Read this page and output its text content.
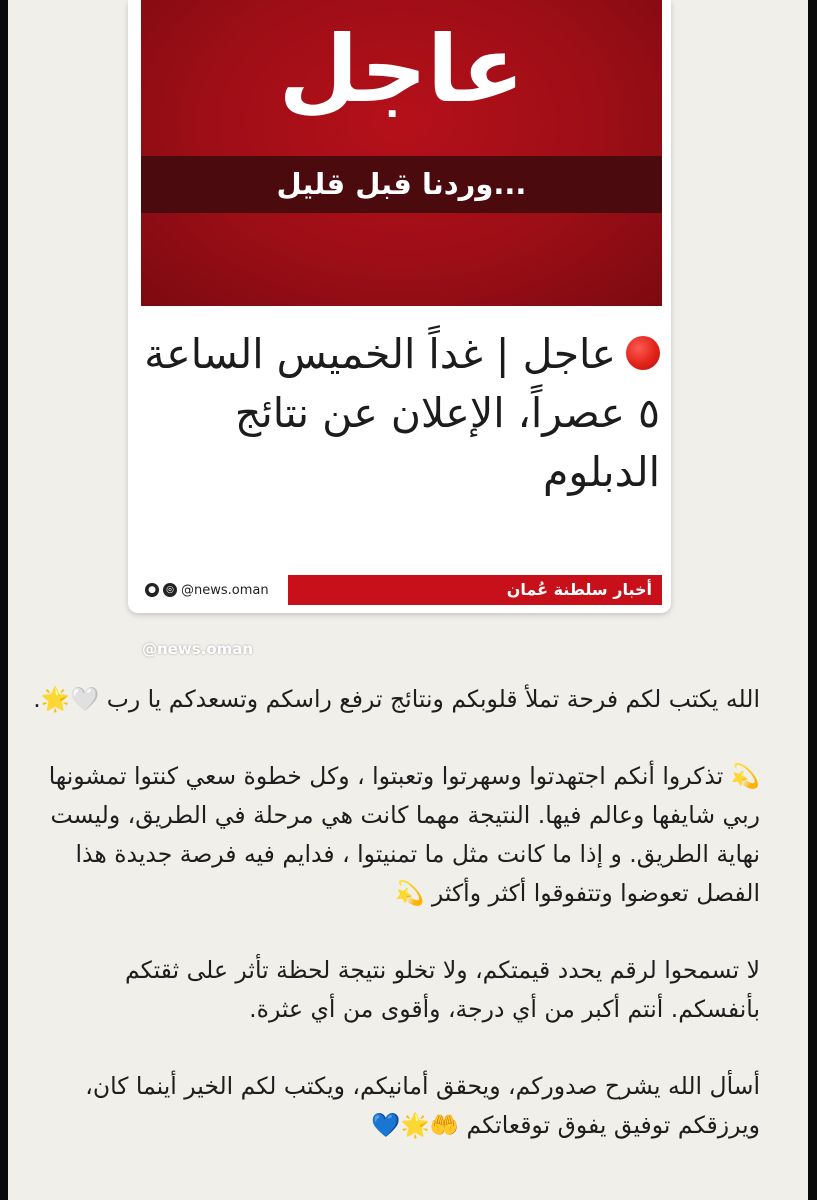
عاجل
وردنا قبل قليل...
عاجل | غداً الخميس الساعة ٥ عصراً، الإعلان عن نتائج الدبلوم
●	◎ @news.oman	أخبار سلطنة عُمان
@news.oman

الله يكتب لكم فرحة تملأ قلوبكم ونتائج ترفع راسكم وتسعدكم يا رب 🤍🌟.

💫 تذكروا أنكم اجتهدتوا وسهرتوا وتعبتوا ، وكل خطوة سعي كنتوا تمشونها ربي شايفها وعالم فيها. النتيجة مهما كانت هي مرحلة في الطريق، وليست نهاية الطريق. و إذا ما كانت مثل ما تمنيتوا ، فدايم فيه فرصة جديدة هذا الفصل تعوضوا وتتفوقوا أكثر وأكثر 💫

لا تسمحوا لرقم يحدد قيمتكم، ولا تخلو نتيجة لحظة تأثر على ثقتكم بأنفسكم. أنتم أكبر من أي درجة، وأقوى من أي عثرة.

أسأل الله يشرح صدوركم، ويحقق أمانيكم، ويكتب لكم الخير أينما كان، ويرزقكم توفيق يفوق توقعاتكم 🤲🌟💙
